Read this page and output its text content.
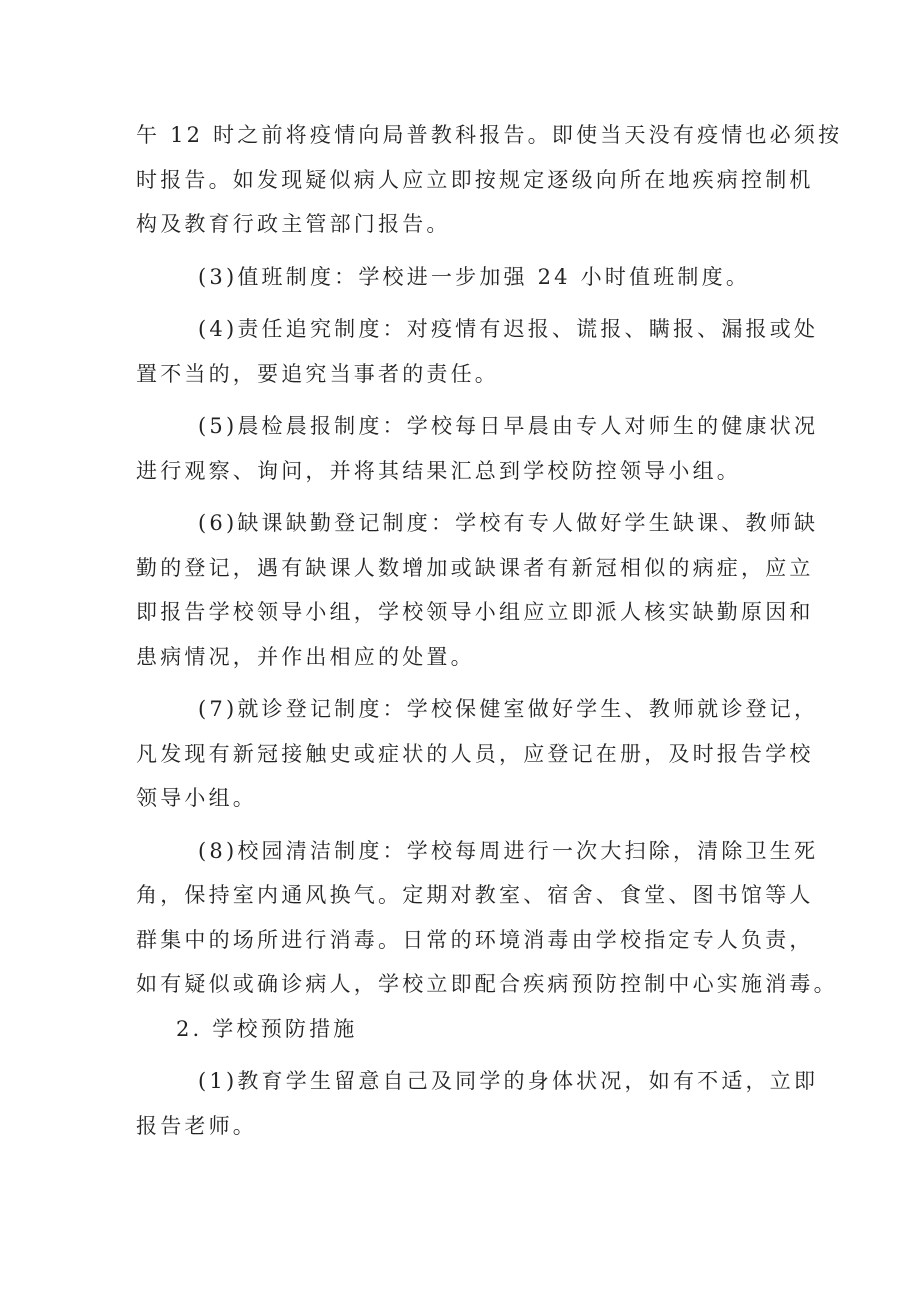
午 12 时之前将疫情向局普教科报告。即使当天没有疫情也必须按
时报告。如发现疑似病人应立即按规定逐级向所在地疾病控制机
构及教育行政主管部门报告。
(3)值班制度：学校进一步加强 24 小时值班制度。
(4)责任追究制度：对疫情有迟报、谎报、瞒报、漏报或处
置不当的，要追究当事者的责任。
(5)晨检晨报制度：学校每日早晨由专人对师生的健康状况
进行观察、询问，并将其结果汇总到学校防控领导小组。
(6)缺课缺勤登记制度：学校有专人做好学生缺课、教师缺
勤的登记，遇有缺课人数增加或缺课者有新冠相似的病症，应立
即报告学校领导小组，学校领导小组应立即派人核实缺勤原因和
患病情况，并作出相应的处置。
(7)就诊登记制度：学校保健室做好学生、教师就诊登记，
凡发现有新冠接触史或症状的人员，应登记在册，及时报告学校
领导小组。
(8)校园清洁制度：学校每周进行一次大扫除，清除卫生死
角，保持室内通风换气。定期对教室、宿舍、食堂、图书馆等人
群集中的场所进行消毒。日常的环境消毒由学校指定专人负责，
如有疑似或确诊病人，学校立即配合疾病预防控制中心实施消毒。
2. 学校预防措施
(1)教育学生留意自己及同学的身体状况，如有不适，立即
报告老师。
